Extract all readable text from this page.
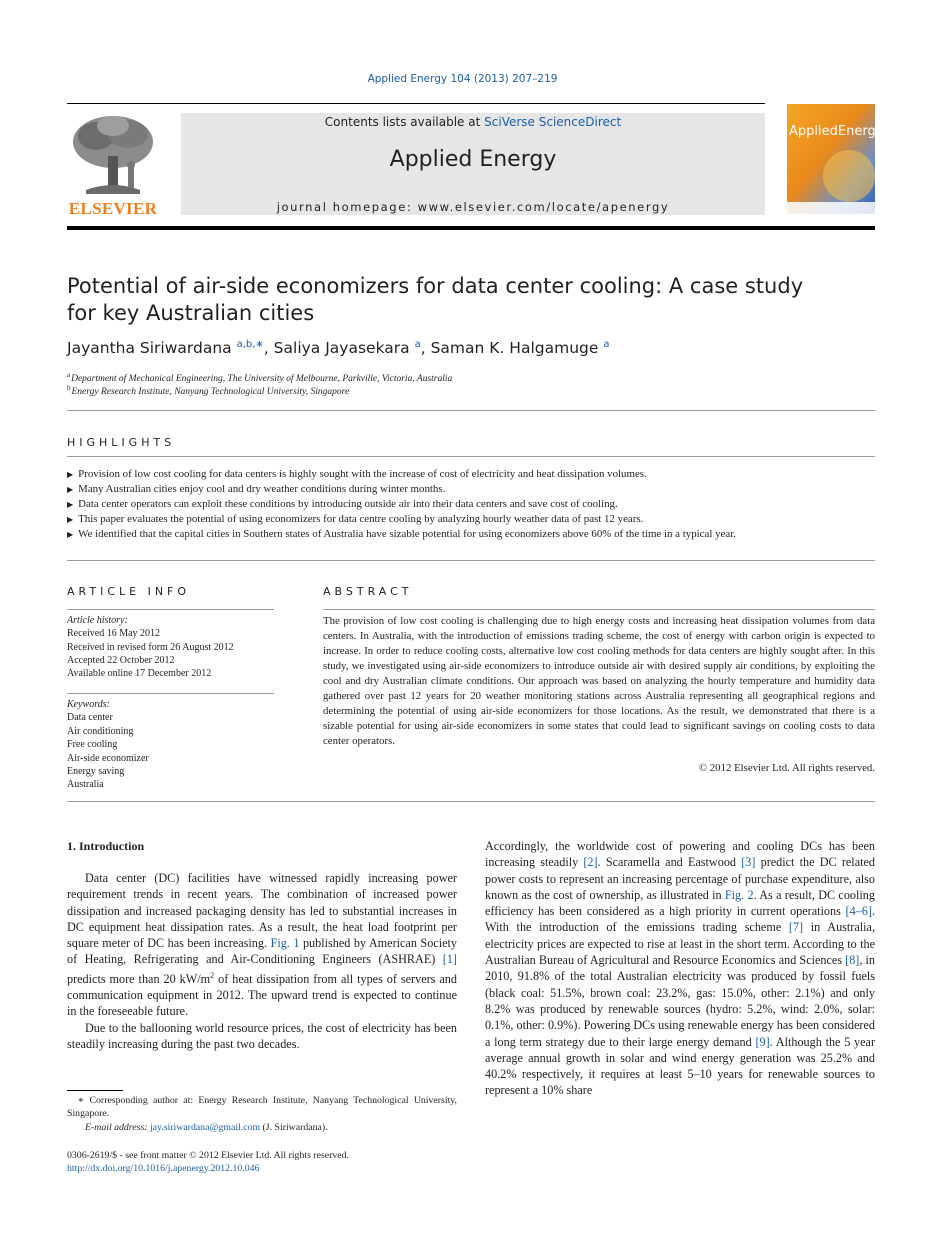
Applied Energy 104 (2013) 207–219
ELSEVIER
Contents lists available at SciVerse ScienceDirect
Applied Energy
journal homepage: www.elsevier.com/locate/apenergy
AppliedEnergy
Potential of air-side economizers for data center cooling: A case study for key Australian cities
Jayantha Siriwardana $^{a,b,∗}$, Saliya Jayasekara $^a$, Saman K. Halgamuge $^a$
$^a$Department of Mechanical Engineering, The University of Melbourne, Parkville, Victoria, Australia
$^b$Energy Research Institute, Nanyang Technological University, Singapore
HIGHLIGHTS
▶ Provision of low cost cooling for data centers is highly sought with the increase of cost of electricity and heat dissipation volumes.
▶ Many Australian cities enjoy cool and dry weather conditions during winter months.
▶ Data center operators can exploit these conditions by introducing outside air into their data centers and save cost of cooling.
▶ This paper evaluates the potential of using economizers for data centre cooling by analyzing hourly weather data of past 12 years.
▶ We identified that the capital cities in Southern states of Australia have sizable potential for using economizers above 60% of the time in a typical year.
ARTICLE INFO
Article history:
Received 16 May 2012
Received in revised form 26 August 2012
Accepted 22 October 2012
Available online 17 December 2012
Keywords:
Data center
Air conditioning
Free cooling
Air-side economizer
Energy saving
Australia
ABSTRACT
The provision of low cost cooling is challenging due to high energy costs and increasing heat dissipation volumes from data centers. In Australia, with the introduction of emissions trading scheme, the cost of energy with carbon origin is expected to increase. In order to reduce cooling costs, alternative low cost cooling methods for data centers are highly sought after. In this study, we investigated using air-side economizers to introduce outside air with desired supply air conditions, by exploiting the cool and dry Australian climate conditions. Our approach was based on analyzing the hourly temperature and humidity data gathered over past 12 years for 20 weather monitoring stations across Australia representing all geographical regions and determining the potential of using air-side economizers for those locations. As the result, we demonstrated that there is a sizable potential for using air-side economizers in some states that could lead to significant savings on cooling costs to data center operators.
© 2012 Elsevier Ltd. All rights reserved.
1. Introduction

Data center (DC) facilities have witnessed rapidly increasing power requirement trends in recent years. The combination of increased power dissipation and increased packaging density has led to substantial increases in DC equipment heat dissipation rates. As a result, the heat load footprint per square meter of DC has been increasing. Fig. 1 published by American Society of Heating, Refrigerating and Air-Conditioning Engineers (ASHRAE) [1] predicts more than 20 $kW/m^2$ of heat dissipation from all types of servers and communication equipment in 2012. The upward trend is expected to continue in the foreseeable future.

Due to the ballooning world resource prices, the cost of electricity has been steadily increasing during the past two decades.

Accordingly, the worldwide cost of powering and cooling DCs has been increasing steadily [2]. Scaramella and Eastwood [3] predict the DC related power costs to represent an increasing percentage of purchase expenditure, also known as the cost of ownership, as illustrated in Fig. 2. As a result, DC cooling efficiency has been considered as a high priority in current operations [4–6]. With the introduction of the emissions trading scheme [7] in Australia, electricity prices are expected to rise at least in the short term. According to the Australian Bureau of Agricultural and Resource Economics and Sciences [8], in 2010, 91.8% of the total Australian electricity was produced by fossil fuels (black coal: 51.5%, brown coal: 23.2%, gas: 15.0%, other: 2.1%) and only 8.2% was produced by renewable sources (hydro: 5.2%, wind: 2.0%, solar: 0.1%, other: 0.9%). Powering DCs using renewable energy has been considered a long term strategy due to their large energy demand [9]. Although the 5 year average annual growth in solar and wind energy generation was 25.2% and 40.2% respectively, it requires at least 5–10 years for renewable sources to represent a 10% share

∗ Corresponding author at: Energy Research Institute, Nanyang Technological University, Singapore.
E-mail address: jay.siriwardana@gmail.com (J. Siriwardana).
0306-2619/$ - see front matter © 2012 Elsevier Ltd. All rights reserved.
http://dx.doi.org/10.1016/j.apenergy.2012.10.046
